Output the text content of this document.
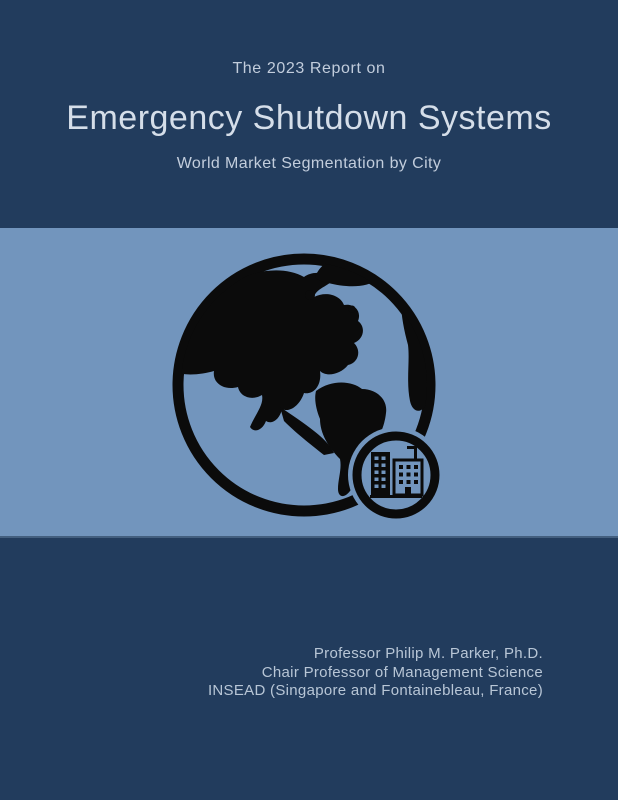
The 2023 Report on
Emergency Shutdown Systems
World Market Segmentation by City
Professor Philip M. Parker, Ph.D.
Chair Professor of Management Science
INSEAD (Singapore and Fontainebleau, France)
